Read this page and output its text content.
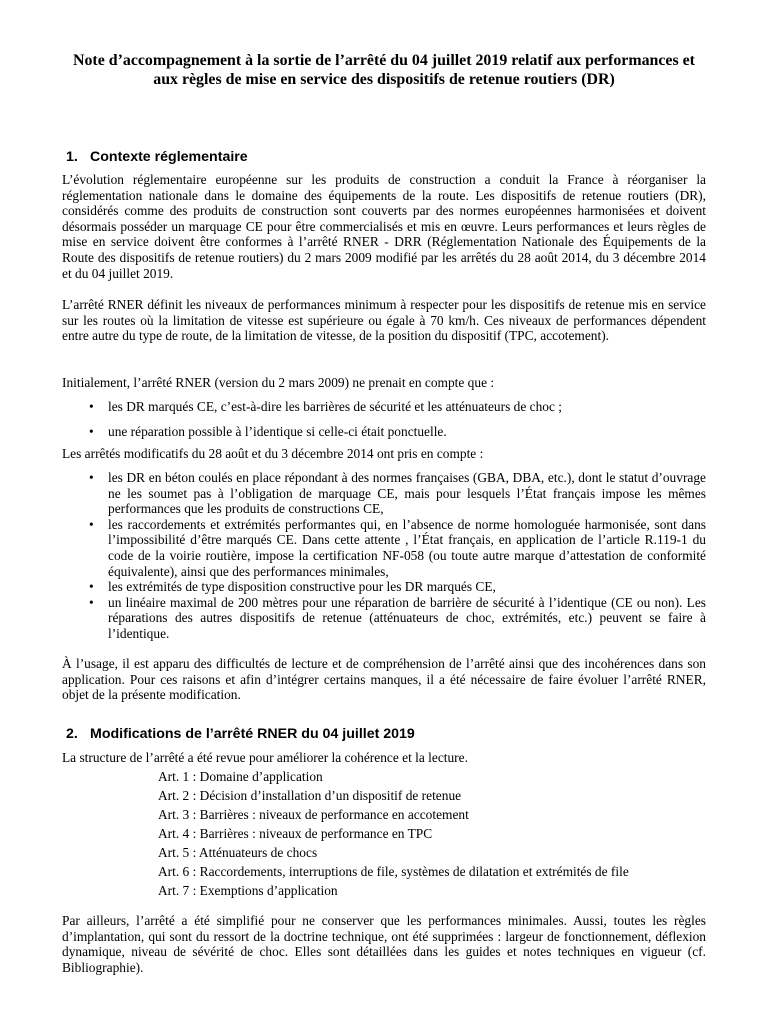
Note d’accompagnement à la sortie de l’arrêté du 04 juillet 2019 relatif aux performances et aux règles de mise en service des dispositifs de retenue routiers (DR)
1. Contexte réglementaire
L’évolution réglementaire européenne sur les produits de construction a conduit la France à réorganiser la réglementation nationale dans le domaine des équipements de la route. Les dispositifs de retenue routiers (DR), considérés comme des produits de construction sont couverts par des normes européennes harmonisées et doivent désormais posséder un marquage CE pour être commercialisés et mis en œuvre. Leurs performances et leurs règles de mise en service doivent être conformes à l’arrêté RNER - DRR (Réglementation Nationale des Équipements de la Route des dispositifs de retenue routiers) du 2 mars 2009 modifié par les arrêtés du 28 août 2014, du 3 décembre 2014 et du 04 juillet 2019.
L’arrêté RNER définit les niveaux de performances minimum à respecter pour les dispositifs de retenue mis en service sur les routes où la limitation de vitesse est supérieure ou égale à 70 km/h. Ces niveaux de performances dépendent entre autre du type de route, de la limitation de vitesse, de la position du dispositif (TPC, accotement).
Initialement, l’arrêté RNER (version du 2 mars 2009) ne prenait en compte que :
• les DR marqués CE, c’est-à-dire les barrières de sécurité et les atténuateurs de choc ;
• une réparation possible à l’identique si celle-ci était ponctuelle.
Les arrêtés modificatifs du 28 août et du 3 décembre 2014 ont pris en compte :
• les DR en béton coulés en place répondant à des normes françaises (GBA, DBA, etc.), dont le statut d’ouvrage ne les soumet pas à l’obligation de marquage CE, mais pour lesquels l’État français impose les mêmes performances que les produits de constructions CE,
• les raccordements et extrémités performantes qui, en l’absence de norme homologuée harmonisée, sont dans l’impossibilité d’être marqués CE. Dans cette attente , l’État français, en application de l’article R.119-1 du code de la voirie routière, impose la certification NF-058 (ou toute autre marque d’attestation de conformité équivalente), ainsi que des performances minimales,
• les extrémités de type disposition constructive pour les DR marqués CE,
• un linéaire maximal de 200 mètres pour une réparation de barrière de sécurité à l’identique (CE ou non). Les réparations des autres dispositifs de retenue (atténuateurs de choc, extrémités, etc.) peuvent se faire à l’identique.
À l’usage, il est apparu des difficultés de lecture et de compréhension de l’arrêté ainsi que des incohérences dans son application. Pour ces raisons et afin d’intégrer certains manques, il a été nécessaire de faire évoluer l’arrêté RNER, objet de la présente modification.
2. Modifications de l’arrêté RNER du 04 juillet 2019
La structure de l’arrêté a été revue pour améliorer la cohérence et la lecture.
Art. 1 : Domaine d’application
Art. 2 : Décision d’installation d’un dispositif de retenue
Art. 3 : Barrières : niveaux de performance en accotement
Art. 4 : Barrières : niveaux de performance en TPC
Art. 5 : Atténuateurs de chocs
Art. 6 : Raccordements, interruptions de file, systèmes de dilatation et extrémités de file
Art. 7 : Exemptions d’application
Par ailleurs, l’arrêté a été simplifié pour ne conserver que les performances minimales. Aussi, toutes les règles d’implantation, qui sont du ressort de la doctrine technique, ont été supprimées : largeur de fonctionnement, déflexion dynamique, niveau de sévérité de choc. Elles sont détaillées dans les guides et notes techniques en vigueur (cf. Bibliographie).
